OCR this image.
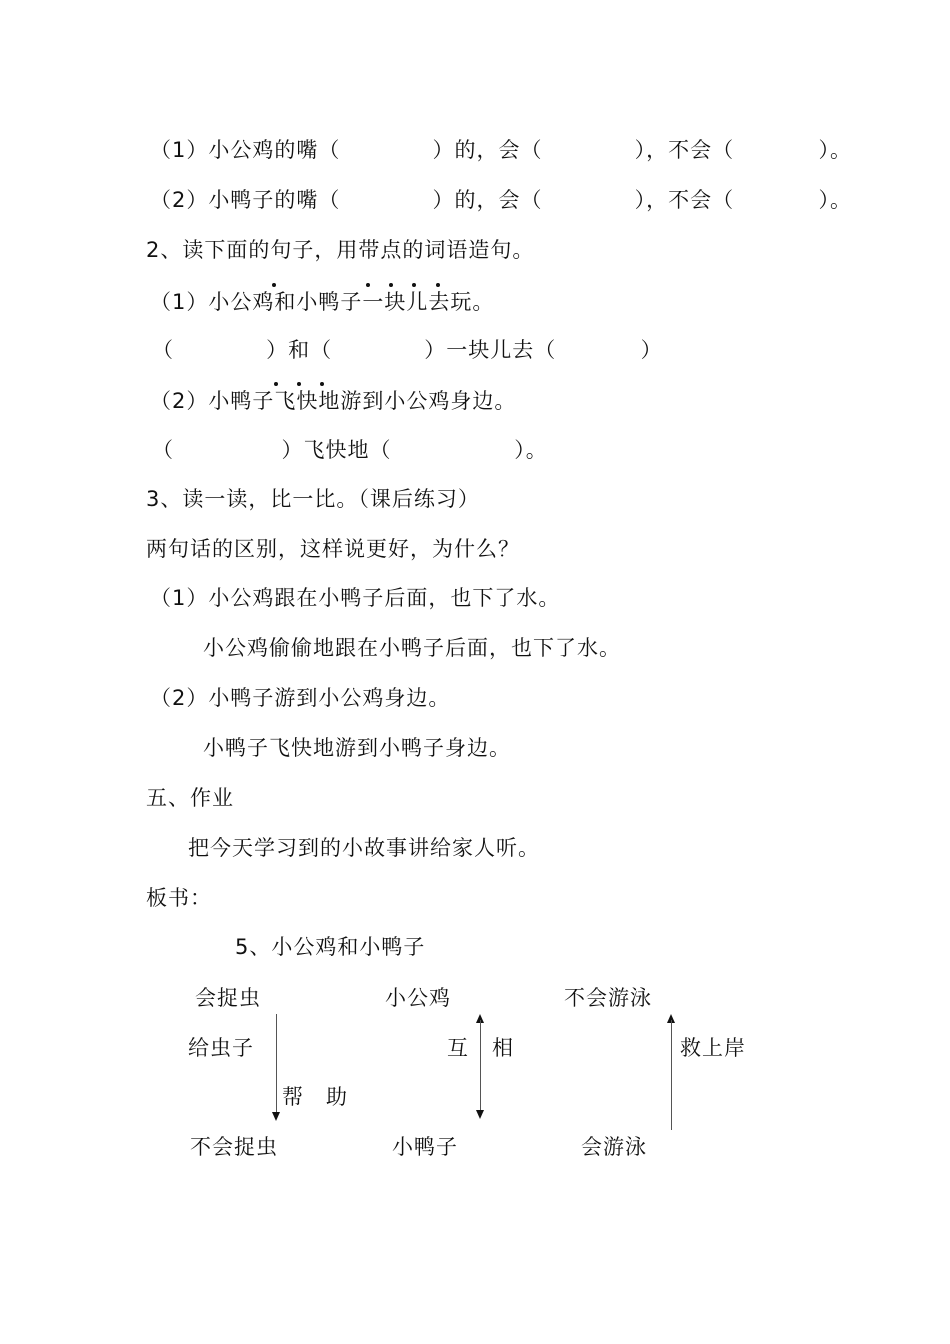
（1）小公鸡的嘴（            ）的，会（            ），不会（           ）。
（2）小鸭子的嘴（            ）的，会（            ），不会（           ）。
2、读下面的句子，用带点的词语造句。
（1）小公鸡和小鸭子一块儿去玩。
（            ）和（            ）一块儿去（           ）
（2）小鸭子飞快地游到小公鸡身边。
（              ）飞快地（                ）。
3、读一读，比一比。（课后练习）
两句话的区别，这样说更好，为什么？
（1）小公鸡跟在小鸭子后面，也下了水。
小公鸡偷偷地跟在小鸭子后面，也下了水。
（2）小鸭子游到小公鸡身边。
小鸭子飞快地游到小鸭子身边。
五、作业
把今天学习到的小故事讲给家人听。
板书：
5、小公鸡和小鸭子
会捉虫
给虫子
帮　助
不会捉虫
小公鸡
互 相
小鸭子
不会游泳
救上岸
会游泳
